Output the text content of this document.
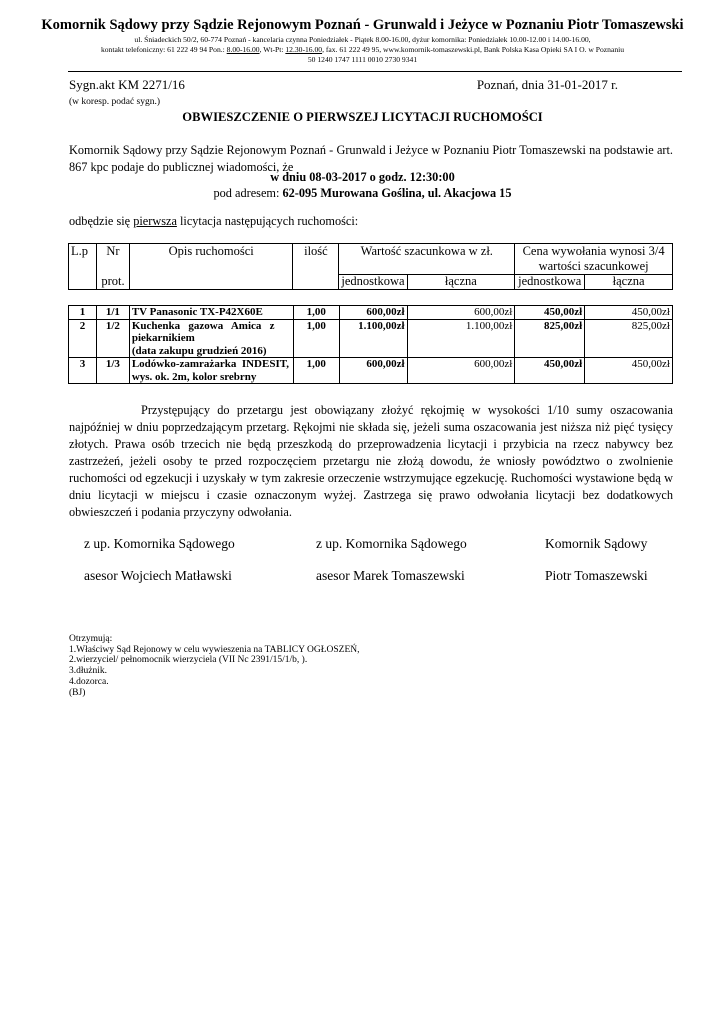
Komornik Sądowy przy Sądzie Rejonowym Poznań - Grunwald i Jeżyce w Poznaniu Piotr Tomaszewski
ul. Śniadeckich 50/2, 60-774 Poznań - kancelaria czynna Poniedziałek - Piątek 8.00-16.00, dyżur komornika: Poniedziałek 10.00-12.00 i 14.00-16.00,
kontakt telefoniczny: 61 222 49 94 Pon.: 8.00-16.00, Wt-Pt: 12.30-16.00, fax. 61 222 49 95, www.komornik-tomaszewski.pl, Bank Polska Kasa Opieki SA I O. w Poznaniu
50 1240 1747 1111 0010 2730 9341
Sygn.akt KM 2271/16	Poznań, dnia 31-01-2017 r.
(w koresp. podać sygn.)
OBWIESZCZENIE O PIERWSZEJ LICYTACJI RUCHOMOŚCI
Komornik Sądowy przy Sądzie Rejonowym Poznań - Grunwald i Jeżyce w Poznaniu Piotr Tomaszewski na podstawie art. 867 kpc podaje do publicznej wiadomości, że
w dniu 08-03-2017 o godz. 12:30:00
pod adresem: 62-095 Murowana Goślina, ul. Akacjowa 15
odbędzie się pierwsza licytacja następujących ruchomości:
L.p	Nr	Opis ruchomości	ilość	Wartość szacunkowa w zł.		Cena wywołania wynosi 3/4 wartości szacunkowej	
	prot.			jednostkowa	łączna	jednostkowa	łączna
1	1/1	TV Panasonic TX-P42X60E	1,00	600,00zł	600,00zł	450,00zł	450,00zł
2	1/2	Kuchenka   gazowa   Amica   z
piekarnikiem
(data zakupu grudzień 2016)	1,00	1.100,00zł	1.100,00zł	825,00zł	825,00zł
3	1/3	Lodówko-zamrażarka  INDESIT,
wys. ok. 2m, kolor srebrny	1,00	600,00zł	600,00zł	450,00zł	450,00zł
Przystępujący do przetargu jest obowiązany złożyć rękojmię w wysokości 1/10 sumy oszacowania najpóźniej w dniu poprzedzającym przetarg. Rękojmi nie składa się, jeżeli suma oszacowania jest niższa niż pięć tysięcy złotych. Prawa osób trzecich nie będą przeszkodą do przeprowadzenia licytacji i przybicia na rzecz nabywcy bez zastrzeżeń, jeżeli osoby te przed rozpoczęciem przetargu nie złożą dowodu, że wniosły powództwo o zwolnienie ruchomości od egzekucji i uzyskały w tym zakresie orzeczenie wstrzymujące egzekucję. Ruchomości wystawione będą w dniu licytacji w miejscu i czasie oznaczonym wyżej. Zastrzega się prawo odwołania licytacji bez dodatkowych obwieszczeń i podania przyczyny odwołania.
z up. Komornika Sądowego
asesor Wojciech Matławski
z up. Komornika Sądowego
asesor Marek Tomaszewski
Komornik Sądowy
Piotr Tomaszewski
Otrzymują:
1.Właściwy Sąd Rejonowy w celu wywieszenia na TABLICY OGŁOSZEŃ,
2.wierzyciel/ pełnomocnik wierzyciela (VII Nc 2391/15/1/b, ).
3.dłużnik.
4.dozorca.
(BJ)
